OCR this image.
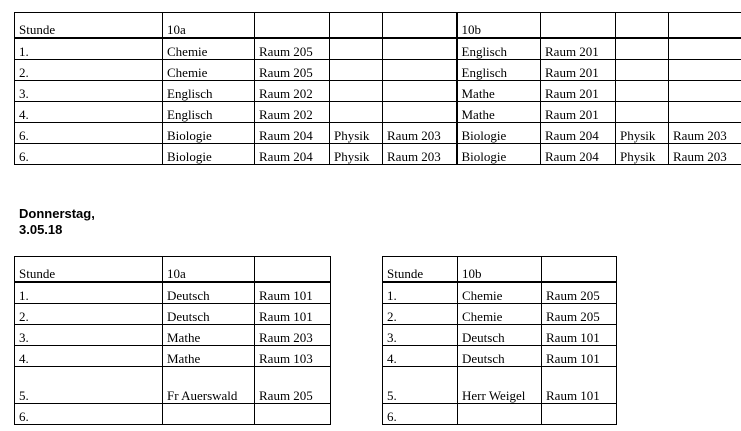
Stunde	10a				10b			
1.	Chemie	Raum 205			Englisch	Raum 201		
2.	Chemie	Raum 205			Englisch	Raum 201		
3.	Englisch	Raum 202			Mathe	Raum 201		
4.	Englisch	Raum 202			Mathe	Raum 201		
6.	Biologie	Raum 204	Physik	Raum 203	Biologie	Raum 204	Physik	Raum 203
6.	Biologie	Raum 204	Physik	Raum 203	Biologie	Raum 204	Physik	Raum 203
Donnerstag,
3.05.18
Stunde	10a	
1.	Deutsch	Raum 101
2.	Deutsch	Raum 101
3.	Mathe	Raum 203
4.	Mathe	Raum 103
5.	Fr Auerswald	Raum 205
6.		
Stunde	10b	
1.	Chemie	Raum 205
2.	Chemie	Raum 205
3.	Deutsch	Raum 101
4.	Deutsch	Raum 101
5.	Herr Weigel	Raum 101
6.		
